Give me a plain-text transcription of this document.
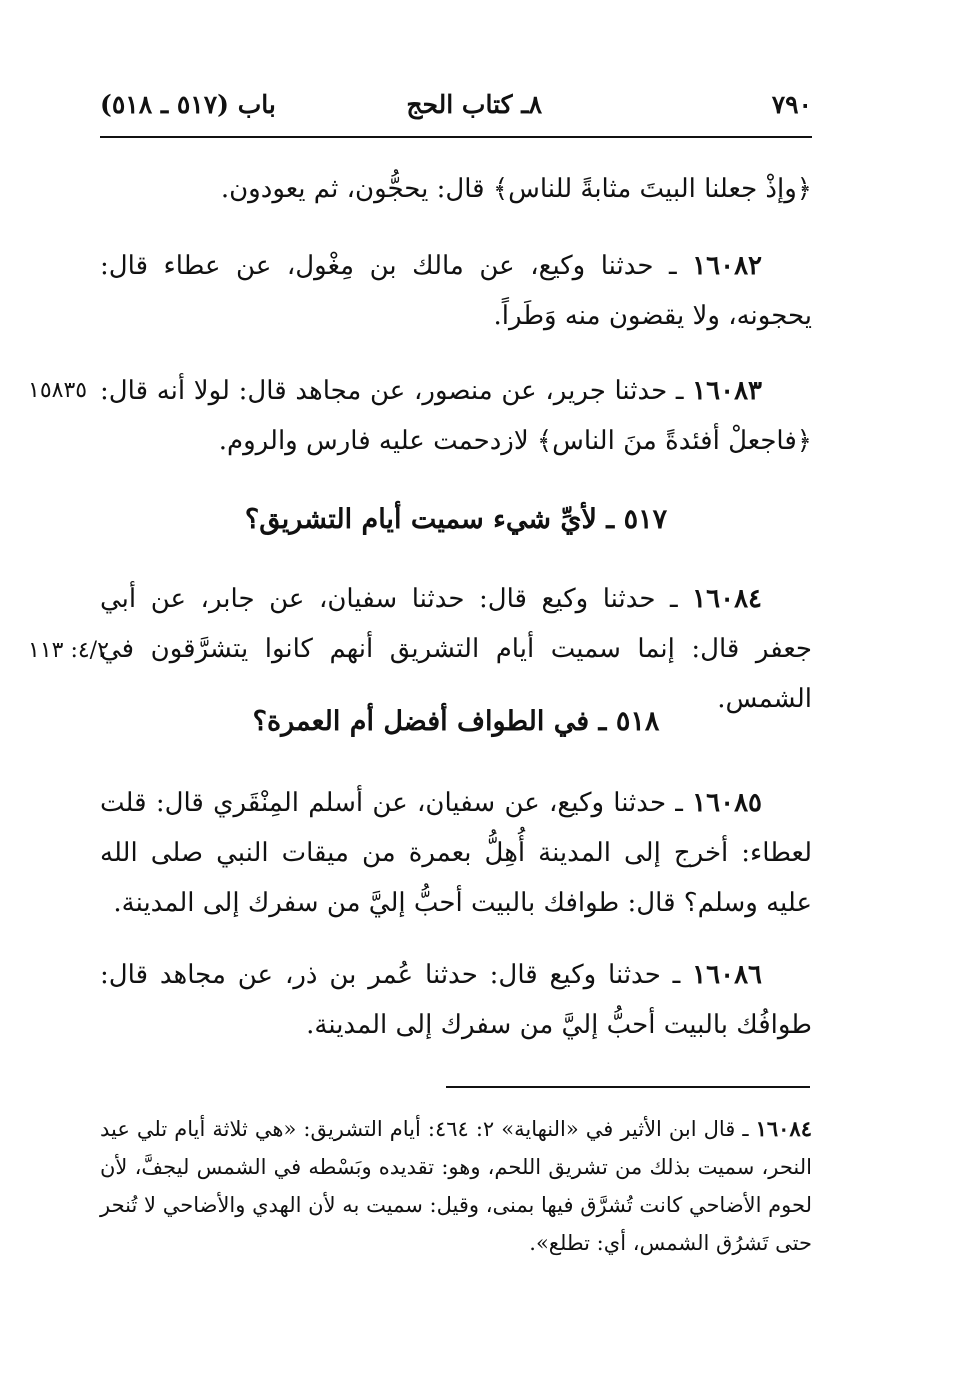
٧٩٠
٨ـ كتاب الحج
باب (٥١٧ ـ ٥١٨)

﴿وإذْ جعلنا البيتَ مثابةً للناس﴾ قال: يحجُّون، ثم يعودون.

١٦٠٨٢ ـ حدثنا وكيع، عن مالك بن مِغْول، عن عطاء قال: يحجونه، ولا يقضون منه وَطَراً.

١٦٠٨٣ ـ حدثنا جرير، عن منصور، عن مجاهد قال: لولا أنه قال: ﴿فاجعلْ أفئدةً منَ الناس﴾ لازدحمت عليه فارس والروم.

١٥٨٣٥
٥١٧ ـ لأيِّ شيء سميت أيام التشريق؟

١٦٠٨٤ ـ حدثنا وكيع قال: حدثنا سفيان، عن جابر، عن أبي جعفر قال: إنما سميت أيام التشريق أنهم كانوا يتشرَّقون في الشمس.

٤/٢: ١١٣
٥١٨ ـ في الطواف أفضل أم العمرة؟

١٦٠٨٥ ـ حدثنا وكيع، عن سفيان، عن أسلم المِنْقَري قال: قلت لعطاء: أخرج إلى المدينة أُهِلُّ بعمرة من ميقات النبي صلى الله عليه وسلم؟ قال: طوافك بالبيت أحبُّ إليَّ من سفرك إلى المدينة.

١٦٠٨٦ ـ حدثنا وكيع قال: حدثنا عُمر بن ذر، عن مجاهد قال: طوافُك بالبيت أحبُّ إليَّ من سفرك إلى المدينة.

١٦٠٨٤ ـ قال ابن الأثير في «النهاية» ٢: ٤٦٤: أيام التشريق: «هي ثلاثة أيام تلي عيد النحر، سميت بذلك من تشريق اللحم، وهو: تقديده وبَسْطه في الشمس ليجفَّ، لأن لحوم الأضاحي كانت تُشرَّق فيها بمنى، وقيل: سميت به لأن الهدي والأضاحي لا تُنحر حتى تَشرُق الشمس، أي: تطلع».
